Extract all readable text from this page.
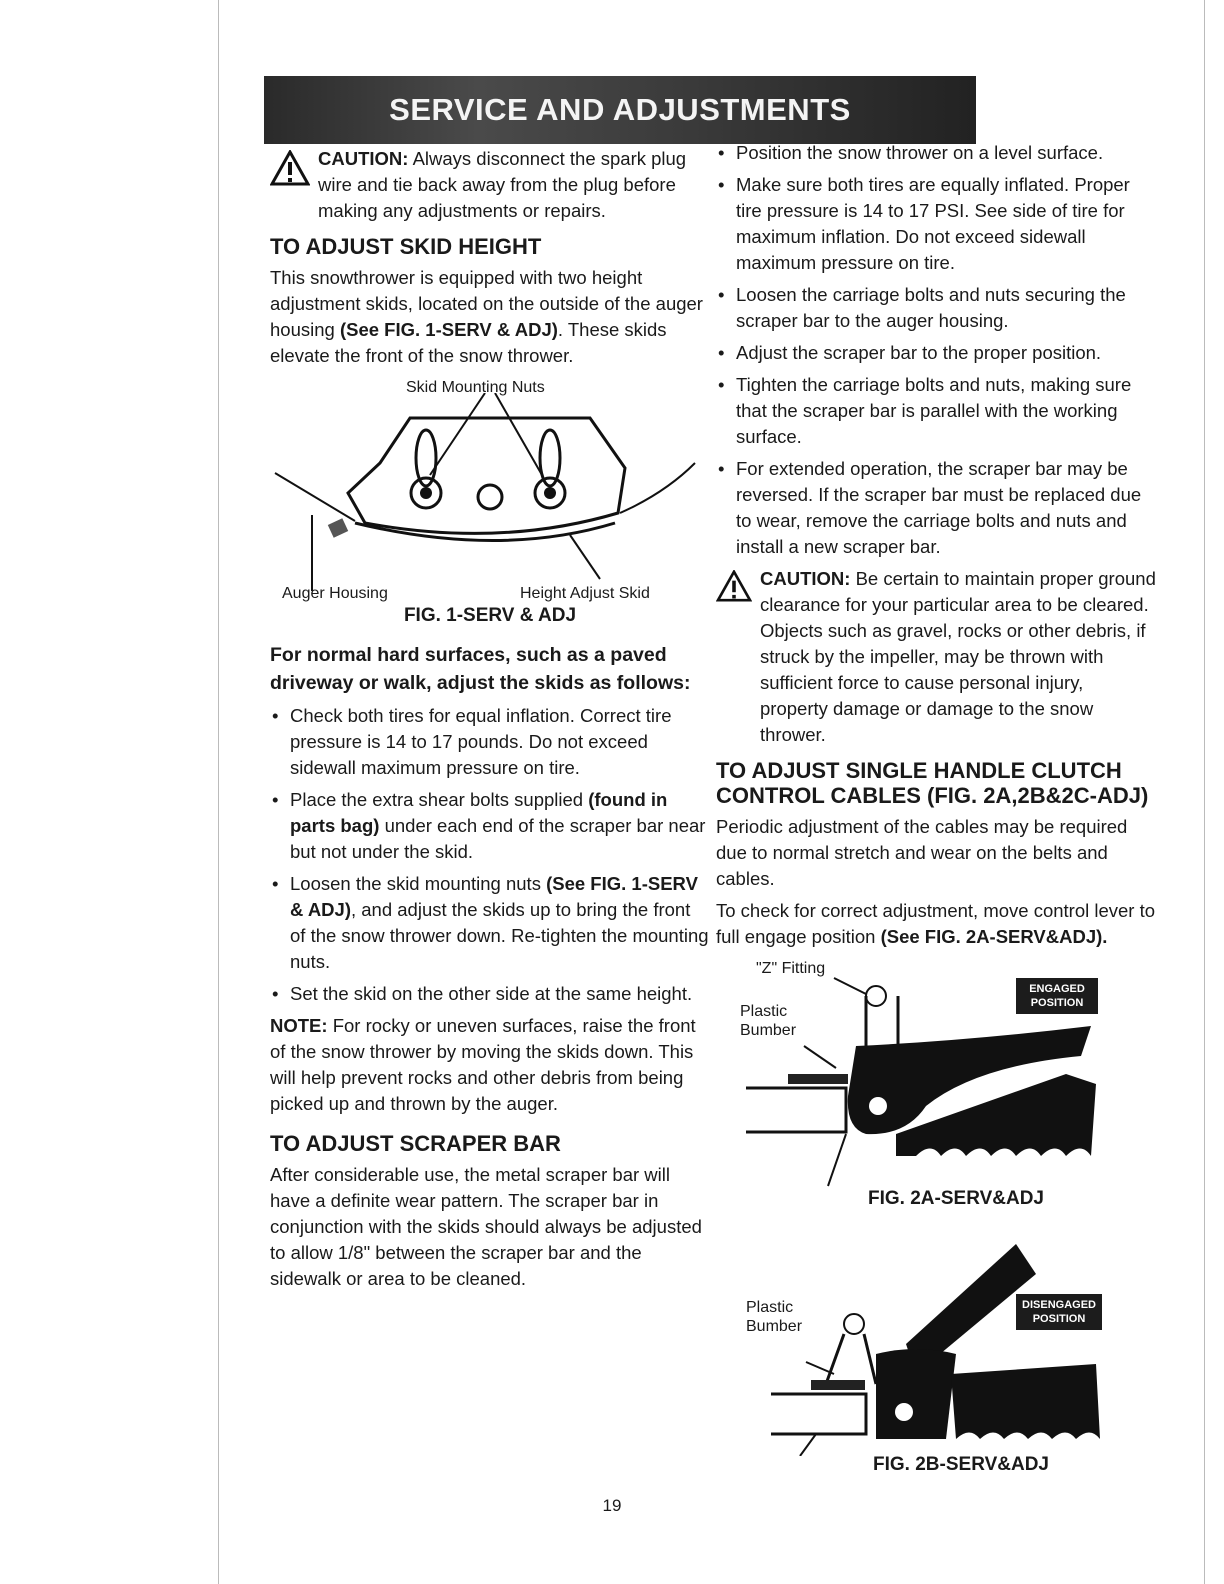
SERVICE AND ADJUSTMENTS

CAUTION: Always disconnect the spark plug wire and tie back away from the plug before making any adjustments or repairs.

TO ADJUST SKID HEIGHT

This snowthrower is equipped with two height adjustment skids, located on the outside of the auger housing (See FIG. 1-SERV & ADJ). These skids elevate the front of the snow thrower.

Skid Mounting Nuts
Auger Housing	Height Adjust Skid
FIG. 1-SERV & ADJ

For normal hard surfaces, such as a paved driveway or walk, adjust the skids as follows:

• Check both tires for equal inflation. Correct tire pressure is 14 to 17 pounds. Do not exceed sidewall maximum pressure on tire.
• Place the extra shear bolts supplied (found in parts bag) under each end of the scraper bar near but not under the skid.
• Loosen the skid mounting nuts (See FIG. 1-SERV & ADJ), and adjust the skids up to bring the front of the snow thrower down. Re-tighten the mounting nuts.
• Set the skid on the other side at the same height.

NOTE: For rocky or uneven surfaces, raise the front of the snow thrower by moving the skids down. This will help prevent rocks and other debris from being picked up and thrown by the auger.

TO ADJUST SCRAPER BAR

After considerable use, the metal scraper bar will have a definite wear pattern. The scraper bar in conjunction with the skids should always be adjusted to allow 1/8" between the scraper bar and the sidewalk or area to be cleaned.

• Position the snow thrower on a level surface.
• Make sure both tires are equally inflated. Proper tire pressure is 14 to 17 PSI. See side of tire for maximum inflation. Do not exceed sidewall maximum pressure on tire.
• Loosen the carriage bolts and nuts securing the scraper bar to the auger housing.
• Adjust the scraper bar to the proper position.
• Tighten the carriage bolts and nuts, making sure that the scraper bar is parallel with the working surface.
• For extended operation, the scraper bar may be reversed. If the scraper bar must be replaced due to wear, remove the carriage bolts and nuts and install a new scraper bar.

CAUTION: Be certain to maintain proper ground clearance for your particular area to be cleared. Objects such as gravel, rocks or other debris, if struck by the impeller, may be thrown with sufficient force to cause personal injury, property damage or damage to the snow thrower.

TO ADJUST SINGLE HANDLE CLUTCH CONTROL CABLES (FIG. 2A,2B&2C-ADJ)

Periodic adjustment of the cables may be required due to normal stretch and wear on the belts and cables.

To check for correct adjustment, move control lever to full engage position (See FIG. 2A-SERV&ADJ).

"Z" Fitting
Plastic Bumber
ENGAGED POSITION
FIG. 2A-SERV&ADJ
Plastic Bumber
DISENGAGED POSITION
FIG. 2B-SERV&ADJ
19
